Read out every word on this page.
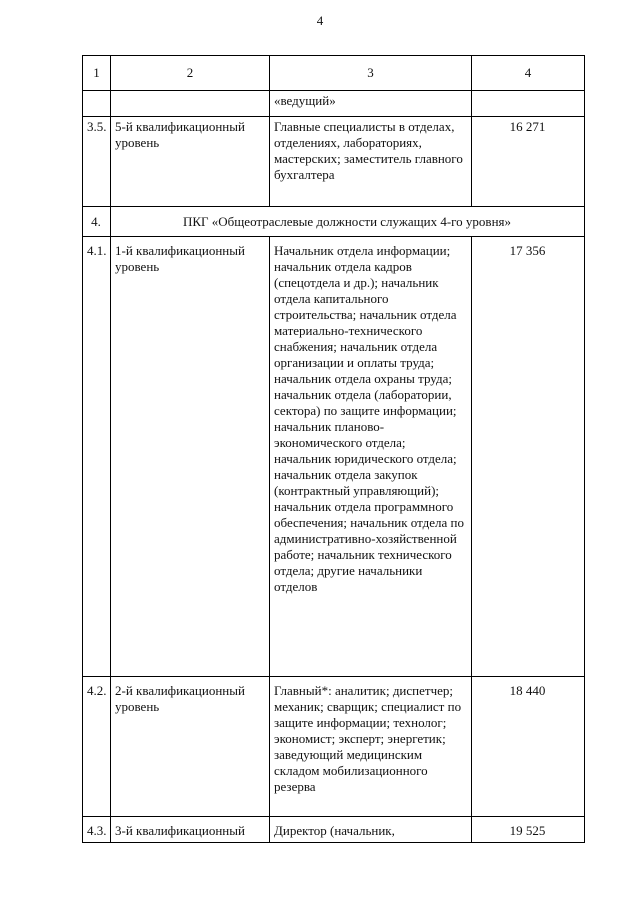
4
1	2	3	4
		«ведущий»	
3.5.	5-й квалификационный уровень	Главные специалисты в отделах, отделениях, лабораториях, мастерских; заместитель главного бухгалтера	16 271
4.	ПКГ «Общеотраслевые должности служащих 4-го уровня»		
4.1.	1-й квалификационный уровень	Начальник отдела информации; начальник отдела кадров (спецотдела и др.); начальник отдела капитального строительства; начальник отдела материально-технического снабжения; начальник отдела организации и оплаты труда; начальник отдела охраны труда; начальник отдела (лаборатории, сектора) по защите информации; начальник планово-экономического отдела; начальник юридического отдела; начальник отдела закупок (контрактный управляющий); начальник отдела программного обеспечения; начальник отдела по административно-хозяйственной работе; начальник технического отдела; другие начальники отделов	17 356
4.2.	2-й квалификационный уровень	Главный*: аналитик; диспетчер; механик; сварщик; специалист по защите информации; технолог; экономист; эксперт; энергетик; заведующий медицинским складом мобилизационного резерва	18 440
4.3.	3-й квалификационный	Директор (начальник,	19 525
